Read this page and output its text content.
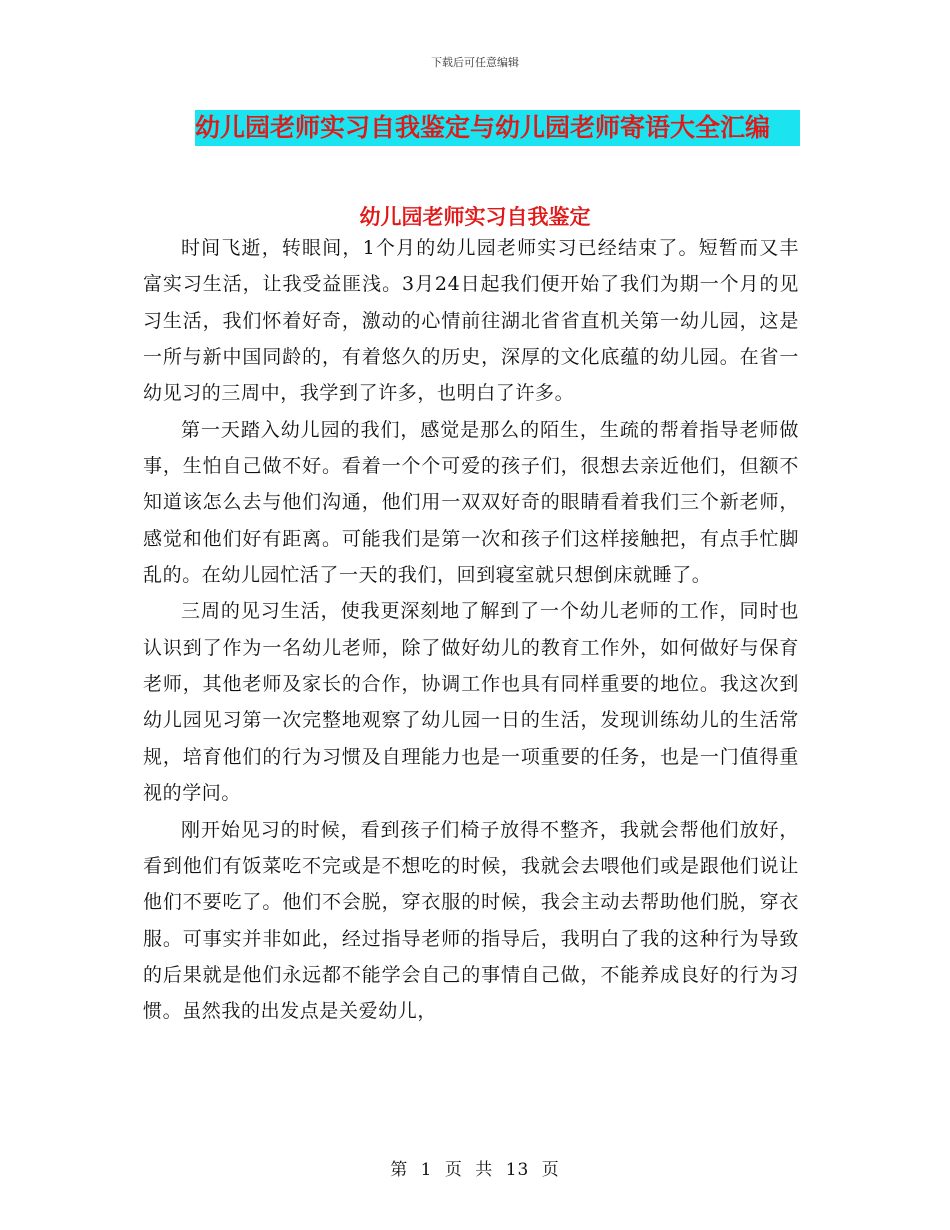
下载后可任意编辑
幼儿园老师实习自我鉴定与幼儿园老师寄语大全汇编
幼儿园老师实习自我鉴定

时间飞逝，转眼间，1个月的幼儿园老师实习已经结束了。短暂而又丰富实习生活，让我受益匪浅。3月24日起我们便开始了我们为期一个月的见习生活，我们怀着好奇，激动的心情前往湖北省省直机关第一幼儿园，这是一所与新中国同龄的，有着悠久的历史，深厚的文化底蕴的幼儿园。在省一幼见习的三周中，我学到了许多，也明白了许多。

第一天踏入幼儿园的我们，感觉是那么的陌生，生疏的帮着指导老师做事，生怕自己做不好。看着一个个可爱的孩子们，很想去亲近他们，但额不知道该怎么去与他们沟通，他们用一双双好奇的眼睛看着我们三个新老师，感觉和他们好有距离。可能我们是第一次和孩子们这样接触把，有点手忙脚乱的。在幼儿园忙活了一天的我们，回到寝室就只想倒床就睡了。

三周的见习生活，使我更深刻地了解到了一个幼儿老师的工作，同时也认识到了作为一名幼儿老师，除了做好幼儿的教育工作外，如何做好与保育老师，其他老师及家长的合作，协调工作也具有同样重要的地位。我这次到幼儿园见习第一次完整地观察了幼儿园一日的生活，发现训练幼儿的生活常规，培育他们的行为习惯及自理能力也是一项重要的任务，也是一门值得重视的学问。

刚开始见习的时候，看到孩子们椅子放得不整齐，我就会帮他们放好，看到他们有饭菜吃不完或是不想吃的时候，我就会去喂他们或是跟他们说让他们不要吃了。他们不会脱，穿衣服的时候，我会主动去帮助他们脱，穿衣服。可事实并非如此，经过指导老师的指导后，我明白了我的这种行为导致的后果就是他们永远都不能学会自己的事情自己做，不能养成良好的行为习惯。虽然我的出发点是关爱幼儿，

第 1 页 共 13 页
